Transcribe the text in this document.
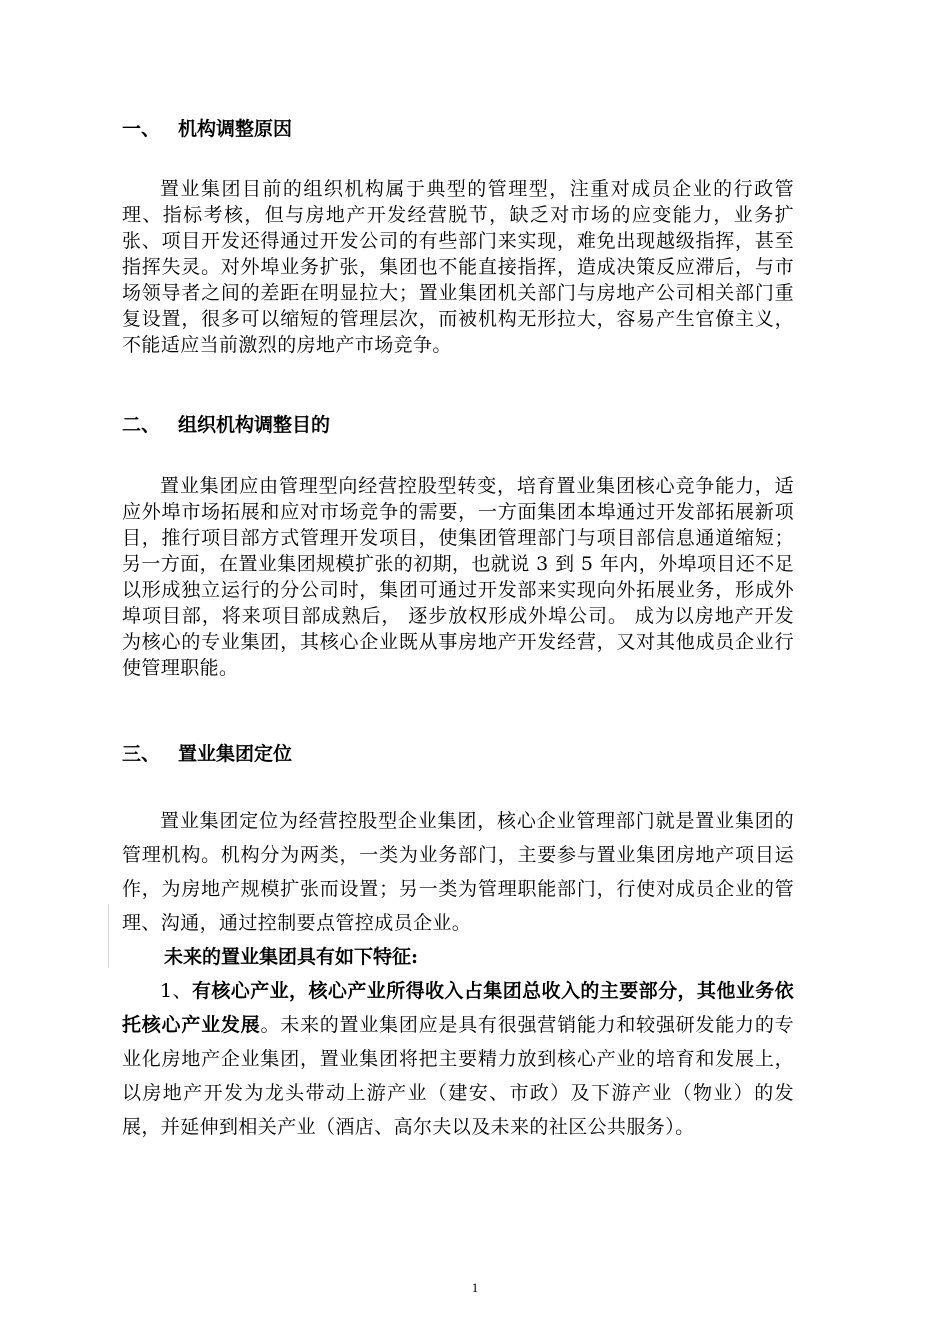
一、 机构调整原因

置业集团目前的组织机构属于典型的管理型，注重对成员企业的行政管理、指标考核，但与房地产开发经营脱节，缺乏对市场的应变能力，业务扩张、项目开发还得通过开发公司的有些部门来实现，难免出现越级指挥，甚至指挥失灵。对外埠业务扩张，集团也不能直接指挥，造成决策反应滞后，与市场领导者之间的差距在明显拉大；置业集团机关部门与房地产公司相关部门重复设置，很多可以缩短的管理层次，而被机构无形拉大，容易产生官僚主义，不能适应当前激烈的房地产市场竞争。

二、 组织机构调整目的

置业集团应由管理型向经营控股型转变，培育置业集团核心竞争能力，适应外埠市场拓展和应对市场竞争的需要，一方面集团本埠通过开发部拓展新项目，推行项目部方式管理开发项目，使集团管理部门与项目部信息通道缩短；另一方面，在置业集团规模扩张的初期，也就说 3 到 5 年内，外埠项目还不足以形成独立运行的分公司时，集团可通过开发部来实现向外拓展业务，形成外埠项目部，将来项目部成熟后， 逐步放权形成外埠公司。 成为以房地产开发为核心的专业集团，其核心企业既从事房地产开发经营，又对其他成员企业行使管理职能。

三、 置业集团定位

置业集团定位为经营控股型企业集团，核心企业管理部门就是置业集团的管理机构。机构分为两类，一类为业务部门，主要参与置业集团房地产项目运作，为房地产规模扩张而设置；另一类为管理职能部门，行使对成员企业的管理、沟通，通过控制要点管控成员企业。

未来的置业集团具有如下特征:

1、有核心产业，核心产业所得收入占集团总收入的主要部分，其他业务依托核心产业发展。未来的置业集团应是具有很强营销能力和较强研发能力的专业化房地产企业集团，置业集团将把主要精力放到核心产业的培育和发展上，以房地产开发为龙头带动上游产业（建安、市政）及下游产业（物业）的发展，并延伸到相关产业（酒店、高尔夫以及未来的社区公共服务）。

1
